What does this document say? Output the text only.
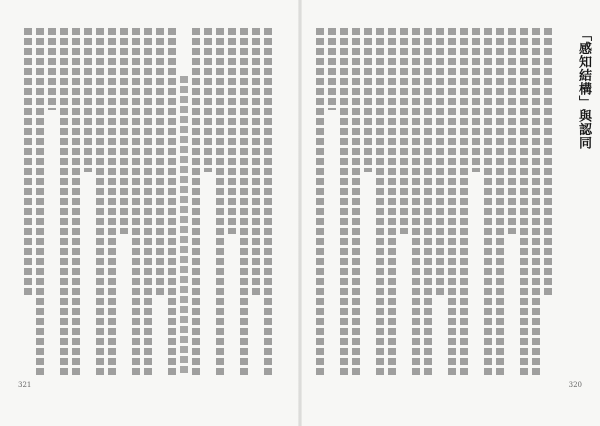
321
「感知結構」與認同
320
